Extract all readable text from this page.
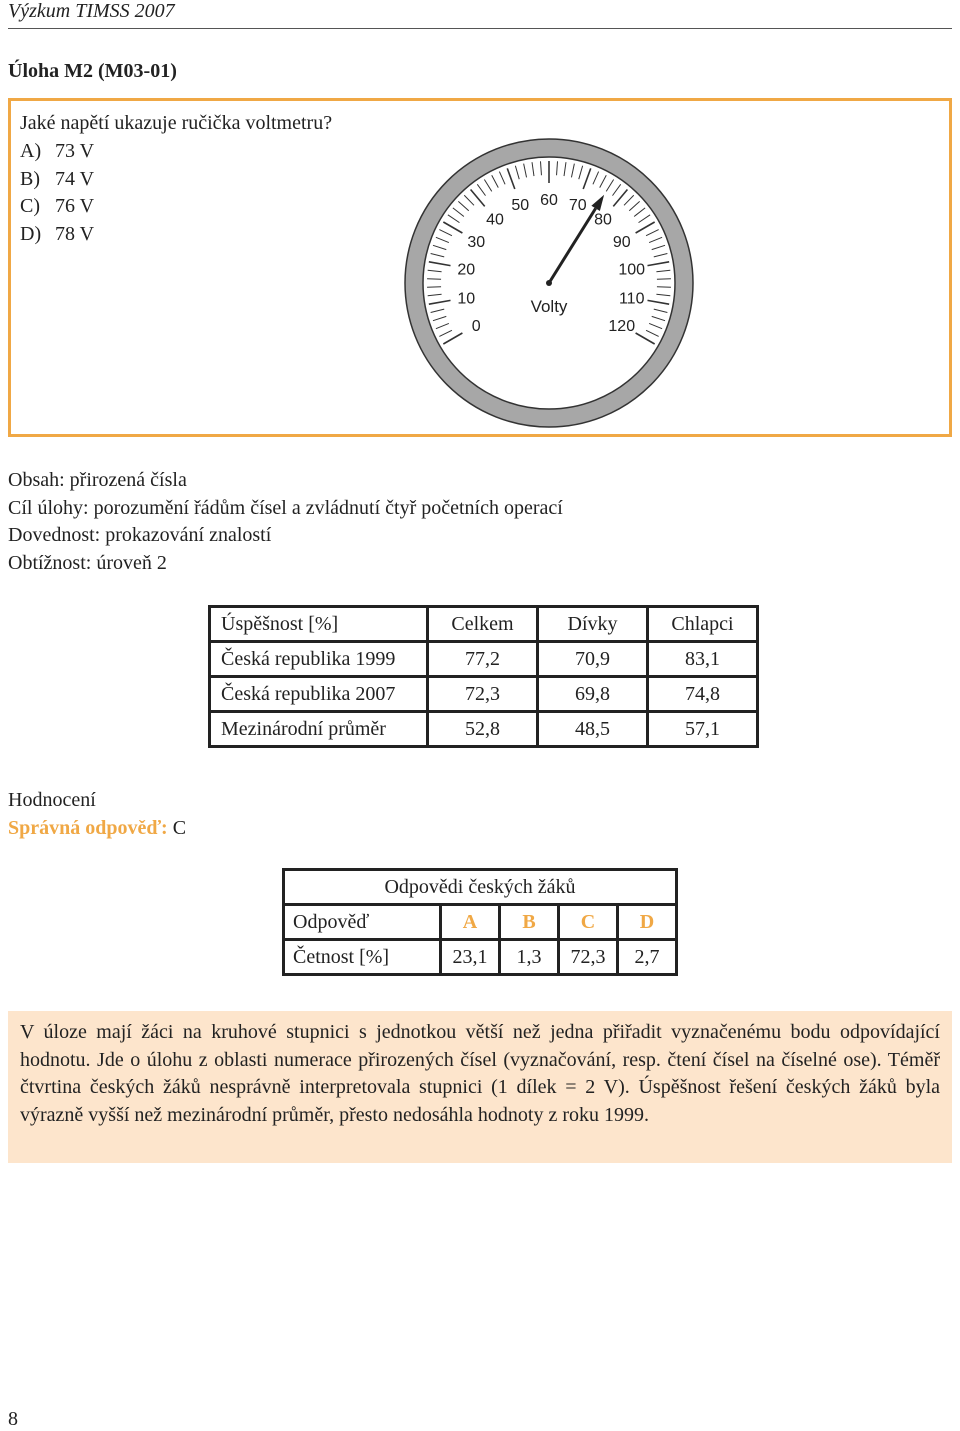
Výzkum TIMSS 2007
Úloha M2 (M03-01)
Jaké napětí ukazuje ručička voltmetru?
A) 73 V
B) 74 V
C) 76 V
D) 78 V
0
10
20
30
40
50 60 70
80
90
100
110
120
Volty
Obsah: přirozená čísla
Cíl úlohy: porozumění řádům čísel a zvládnutí čtyř početních operací
Dovednost: prokazování znalostí
Obtížnost: úroveň 2
Úspěšnost [%]	Celkem	Dívky	Chlapci
Česká republika 1999	77,2	70,9	83,1
Česká republika 2007	72,3	69,8	74,8
Mezinárodní průměr	52,8	48,5	57,1
Hodnocení
Správná odpověď: C
Odpovědi českých žáků				
Odpověď	A	B	C	D
Četnost [%]	23,1	1,3	72,3	2,7
V úloze mají žáci na kruhové stupnici s jednotkou větší než jedna přiřadit vyznačenému bodu odpovídající hodnotu. Jde o úlohu z oblasti numerace přirozených čísel (vyznačování, resp. čtení čísel na číselné ose). Téměř čtvrtina českých žáků nesprávně interpretovala stupnici (1 dílek = 2 V). Úspěšnost řešení českých žáků byla výrazně vyšší než mezinárodní průměr, přesto nedosáhla hodnoty z roku 1999.
8
